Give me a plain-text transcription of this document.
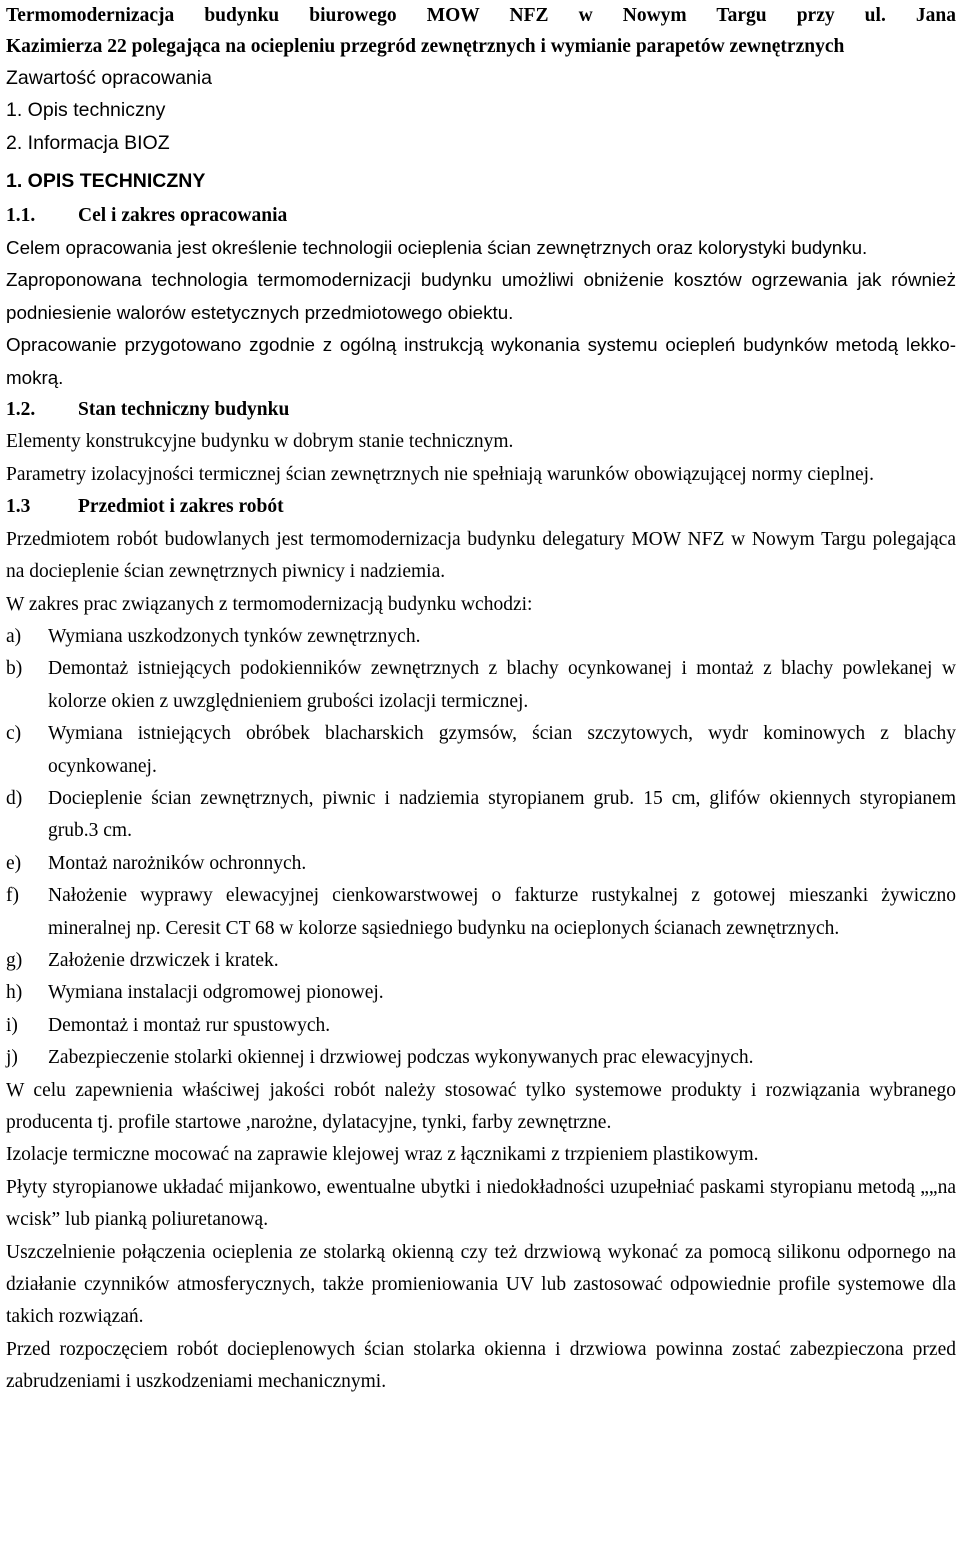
Termomodernizacja budynku biurowego MOW NFZ w Nowym Targu przy ul. Jana
Kazimierza 22 polegająca na ociepleniu przegród zewnętrznych i wymianie parapetów zewnętrznych
Zawartość opracowania
1. Opis techniczny
2. Informacja BIOZ
1. OPIS TECHNICZNY
1.1. Cel i zakres opracowania
Celem opracowania jest określenie technologii ocieplenia ścian zewnętrznych oraz kolorystyki budynku.
Zaproponowana technologia termomodernizacji budynku umożliwi obniżenie kosztów ogrzewania jak również podniesienie walorów estetycznych przedmiotowego obiektu.
Opracowanie przygotowano zgodnie z ogólną instrukcją wykonania systemu ociepleń budynków metodą lekko-mokrą.
1.2. Stan techniczny budynku
Elementy konstrukcyjne budynku w dobrym stanie technicznym.
Parametry izolacyjności termicznej ścian zewnętrznych nie spełniają warunków obowiązującej normy cieplnej.
1.3 Przedmiot i zakres robót
Przedmiotem robót budowlanych jest termomodernizacja budynku delegatury MOW NFZ w Nowym Targu polegająca na docieplenie ścian zewnętrznych piwnicy i nadziemia.
W zakres prac związanych z termomodernizacją budynku wchodzi:
a)	Wymiana uszkodzonych tynków zewnętrznych.
b)	Demontaż istniejących podokienników zewnętrznych z blachy ocynkowanej i montaż z blachy powlekanej w kolorze okien z uwzględnieniem grubości izolacji termicznej.
c)	Wymiana istniejących obróbek blacharskich gzymsów, ścian szczytowych, wydr kominowych z blachy ocynkowanej.
d)	Docieplenie ścian zewnętrznych, piwnic i nadziemia styropianem grub. 15 cm, glifów okiennych styropianem grub.3 cm.
e)	Montaż narożników ochronnych.
f)	Nałożenie wyprawy elewacyjnej cienkowarstwowej o fakturze rustykalnej z gotowej mieszanki żywiczno mineralnej np. Ceresit CT 68 w kolorze sąsiedniego budynku na ocieplonych ścianach zewnętrznych.
g)	Założenie drzwiczek i kratek.
h)	Wymiana instalacji odgromowej pionowej.
i)	Demontaż i montaż rur spustowych.
j)	Zabezpieczenie stolarki okiennej i drzwiowej podczas wykonywanych prac elewacyjnych.
W celu zapewnienia właściwej jakości robót należy stosować tylko systemowe produkty i rozwiązania wybranego producenta tj. profile startowe ,narożne, dylatacyjne, tynki, farby zewnętrzne.
Izolacje termiczne mocować na zaprawie klejowej wraz z łącznikami z trzpieniem plastikowym.
Płyty styropianowe układać mijankowo, ewentualne ubytki i niedokładności uzupełniać paskami styropianu metodą „„na wcisk” lub pianką poliuretanową.
Uszczelnienie połączenia ocieplenia ze stolarką okienną czy też drzwiową wykonać za pomocą silikonu odpornego na działanie czynników atmosferycznych, także promieniowania UV lub zastosować odpowiednie profile systemowe dla takich rozwiązań.
Przed rozpoczęciem robót docieplenowych ścian stolarka okienna i drzwiowa powinna zostać zabezpieczona przed zabrudzeniami i uszkodzeniami mechanicznymi.
